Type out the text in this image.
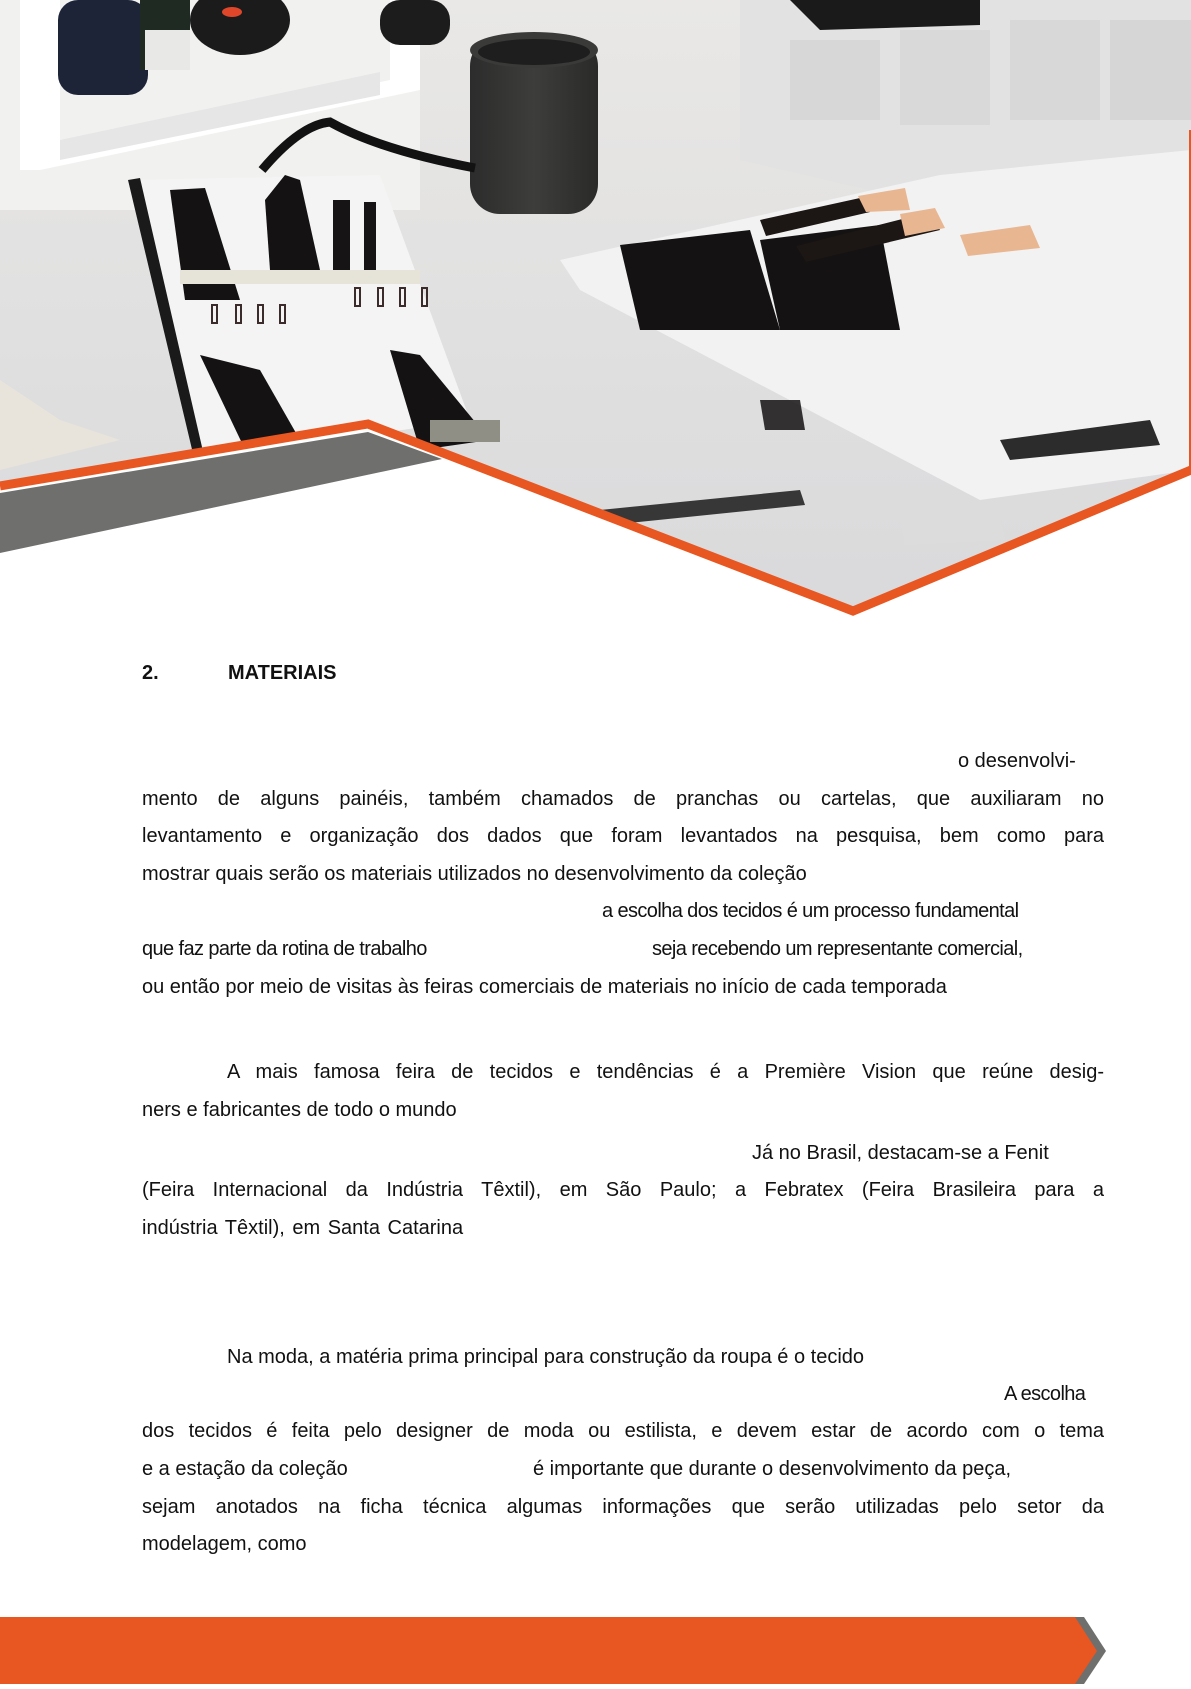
2.	MATERIAIS
o desenvolvi-
mento de alguns painéis, também chamados de pranchas ou cartelas, que auxiliaram no
levantamento e organização dos dados que foram levantados na pesquisa, bem como para
mostrar quais serão os materiais utilizados no desenvolvimento da coleção
a escolha dos tecidos é um processo fundamental
que faz parte da rotina de trabalho	seja recebendo um representante comercial,
ou então por meio de visitas às feiras comerciais de materiais no início de cada temporada
A mais famosa feira de tecidos e tendências é a Première Vision que reúne desig-
ners e fabricantes de todo o mundo
Já no Brasil, destacam-se a Fenit
(Feira Internacional da Indústria Têxtil), em São Paulo; a Febratex (Feira Brasileira para a
indústria Têxtil), em Santa Catarina
Na moda, a matéria prima principal para construção da roupa é o tecido
A escolha
dos tecidos é feita pelo designer de moda ou estilista, e devem estar de acordo com o tema
e a estação da coleção	é importante que durante o desenvolvimento da peça,
sejam anotados na ficha técnica algumas informações que serão utilizadas pelo setor da
modelagem, como
